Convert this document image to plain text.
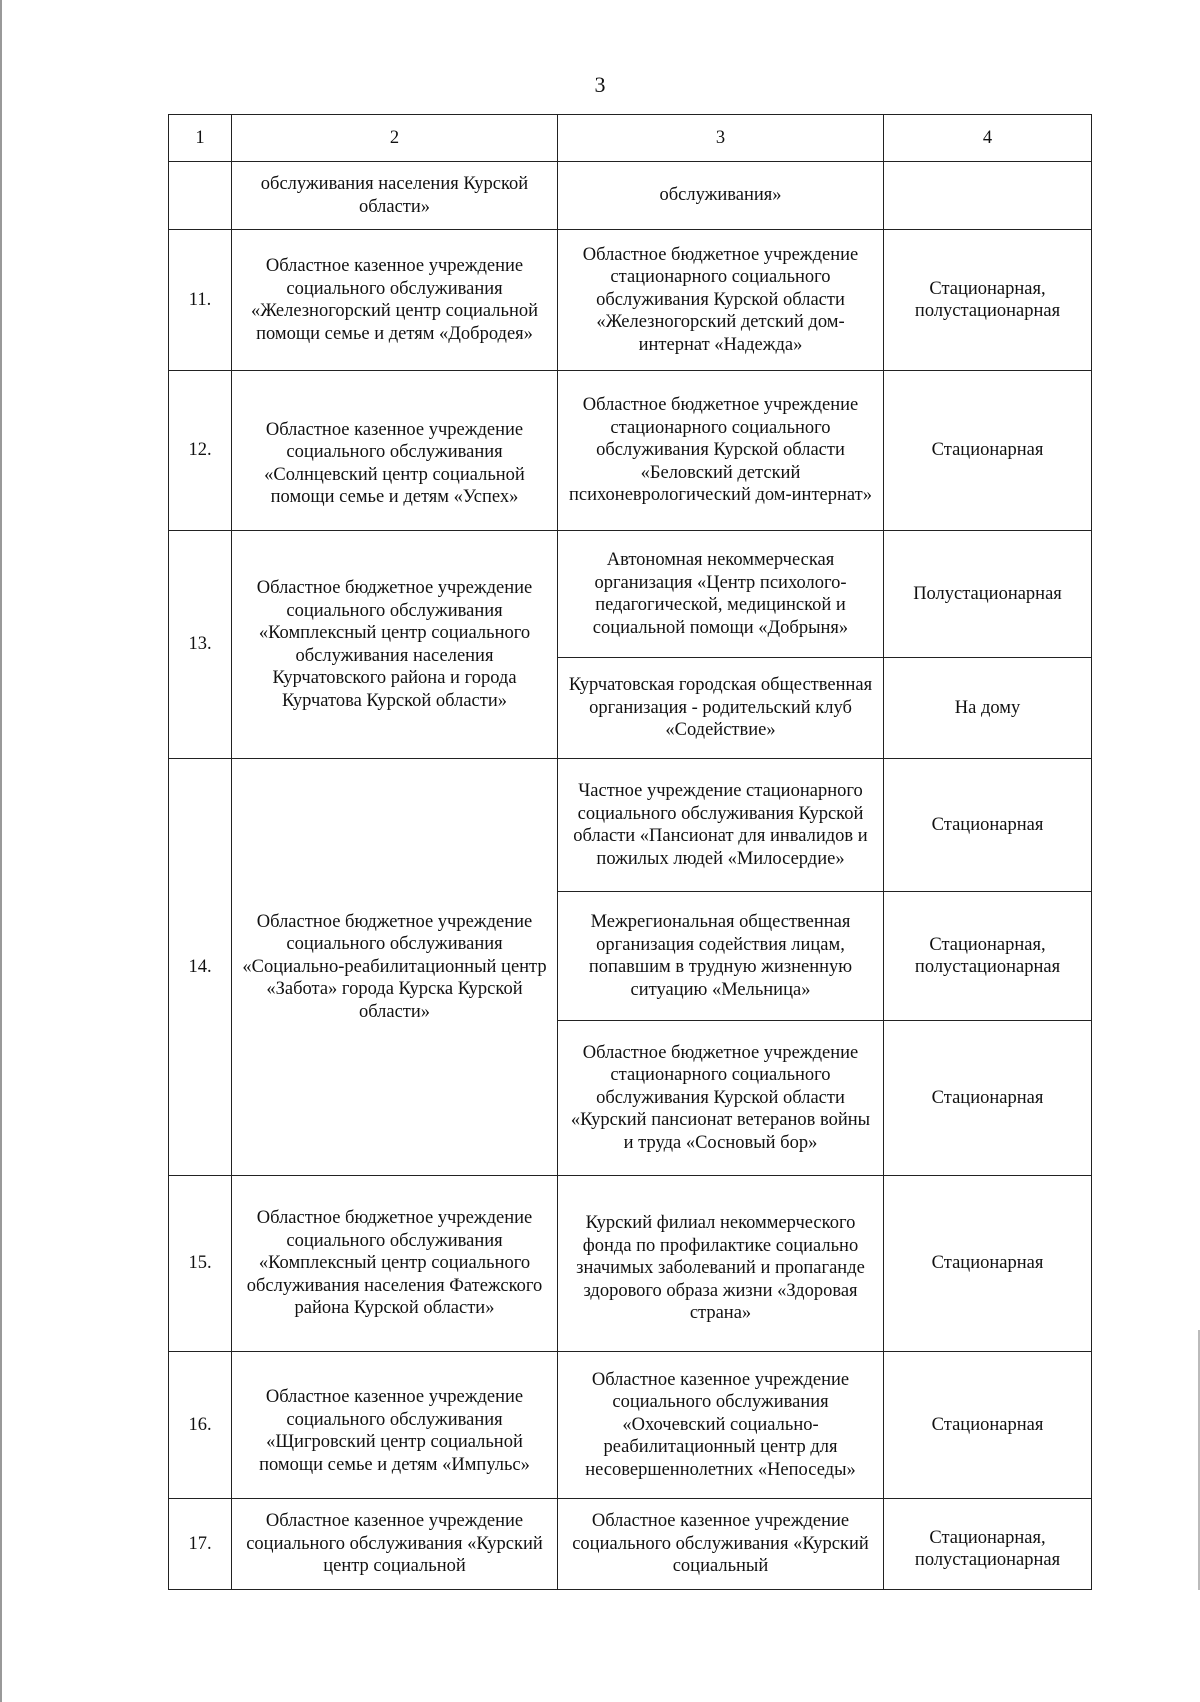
3
1	2	3	4
	обслуживания населения Курской области»	обслуживания»	
11.	Областное казенное учреждение социального обслуживания «Железногорский центр социальной помощи семье и детям «Добродея»	Областное бюджетное учреждение стационарного социального обслуживания Курской области «Железногорский детский дом-интернат «Надежда»	Стационарная, полустационарная
12.	Областное казенное учреждение социального обслуживания «Солнцевский центр социальной помощи семье и детям «Успех»	Областное бюджетное учреждение стационарного социального обслуживания Курской области «Беловский детский психоневрологический дом-интернат»	Стационарная
13.	Областное бюджетное учреждение социального обслуживания «Комплексный центр социального обслуживания населения Курчатовского района и города Курчатова Курской области»	Автономная некоммерческая организация «Центр психолого-педагогической, медицинской и социальной помощи «Добрыня»	Полустационарная
		Курчатовская городская общественная организация - родительский клуб «Содействие»	На дому
14.	Областное бюджетное учреждение социального обслуживания «Социально-реабилитационный центр «Забота» города Курска Курской области»	Частное учреждение стационарного социального обслуживания Курской области «Пансионат для инвалидов и пожилых людей «Милосердие»	Стационарная
		Межрегиональная общественная организация содействия лицам, попавшим в трудную жизненную ситуацию «Мельница»	Стационарная, полустационарная
		Областное бюджетное учреждение стационарного социального обслуживания Курской области «Курский пансионат ветеранов войны и труда «Сосновый бор»	Стационарная
15.	Областное бюджетное учреждение социального обслуживания «Комплексный центр социального обслуживания населения Фатежского района Курской области»	Курский филиал некоммерческого фонда по профилактике социально значимых заболеваний и пропаганде здорового образа жизни «Здоровая страна»	Стационарная
16.	Областное казенное учреждение социального обслуживания «Щигровский центр социальной помощи семье и детям «Импульс»	Областное казенное учреждение социального обслуживания «Охочевский социально-реабилитационный центр для несовершеннолетних «Непоседы»	Стационарная
17.	Областное казенное учреждение социального обслуживания «Курский центр социальной	Областное казенное учреждение социального обслуживания «Курский социальный	Стационарная, полустационарная
